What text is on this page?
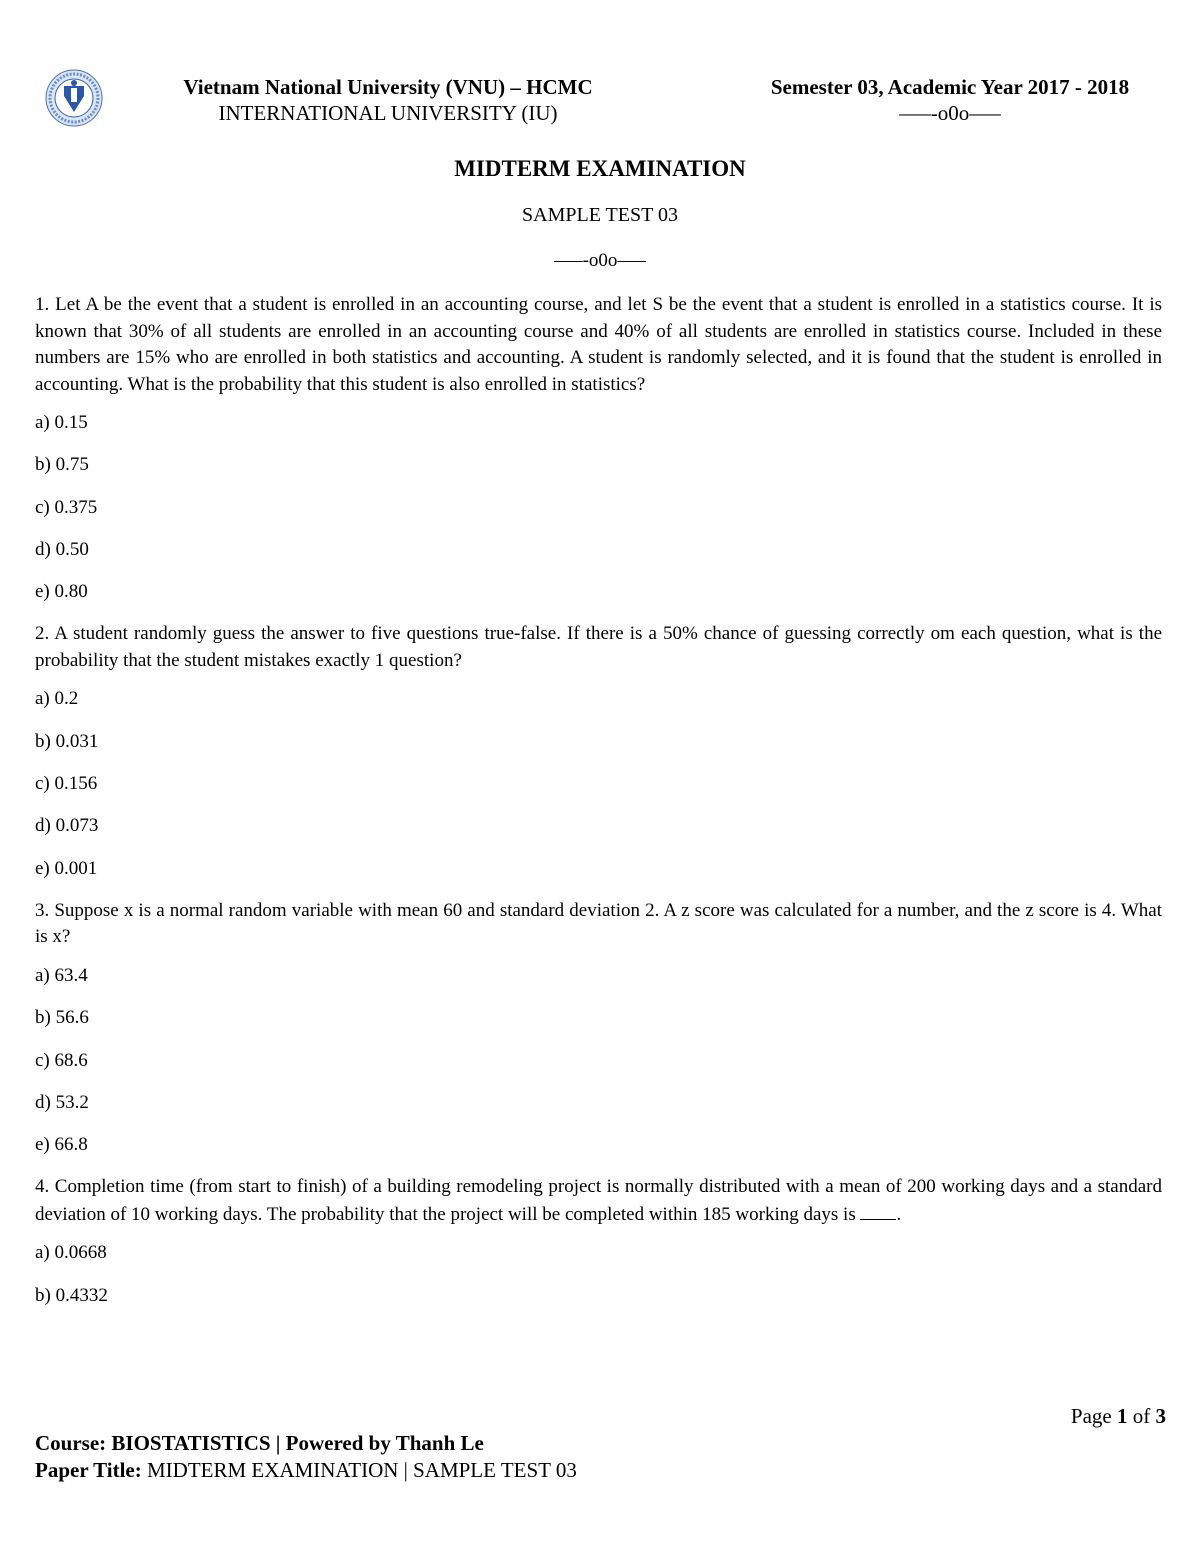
Vietnam National University (VNU) – HCMC
INTERNATIONAL UNIVERSITY (IU)
Semester 03, Academic Year 2017 - 2018
–––-o0o–––
MIDTERM EXAMINATION
SAMPLE TEST 03
–––-o0o–––

1. Let A be the event that a student is enrolled in an accounting course, and let S be the event that a student is enrolled in a statistics course. It is known that 30% of all students are enrolled in an accounting course and 40% of all students are enrolled in statistics course. Included in these numbers are 15% who are enrolled in both statistics and accounting. A student is randomly selected, and it is found that the student is enrolled in accounting. What is the probability that this student is also enrolled in statistics?

a) 0.15
b) 0.75
c) 0.375
d) 0.50
e) 0.80

2. A student randomly guess the answer to five questions true-false. If there is a 50% chance of guessing correctly om each question, what is the probability that the student mistakes exactly 1 question?

a) 0.2
b) 0.031
c) 0.156
d) 0.073
e) 0.001

3. Suppose x is a normal random variable with mean 60 and standard deviation 2. A z score was calculated for a number, and the z score is 4. What is x?

a) 63.4
b) 56.6
c) 68.6
d) 53.2
e) 66.8

4. Completion time (from start to finish) of a building remodeling project is normally distributed with a mean of 200 working days and a standard deviation of 10 working days. The probability that the project will be completed within 185 working days is .

a) 0.0668
b) 0.4332
Page 1 of 3
Course: BIOSTATISTICS | Powered by Thanh Le
Paper Title: MIDTERM EXAMINATION | SAMPLE TEST 03
